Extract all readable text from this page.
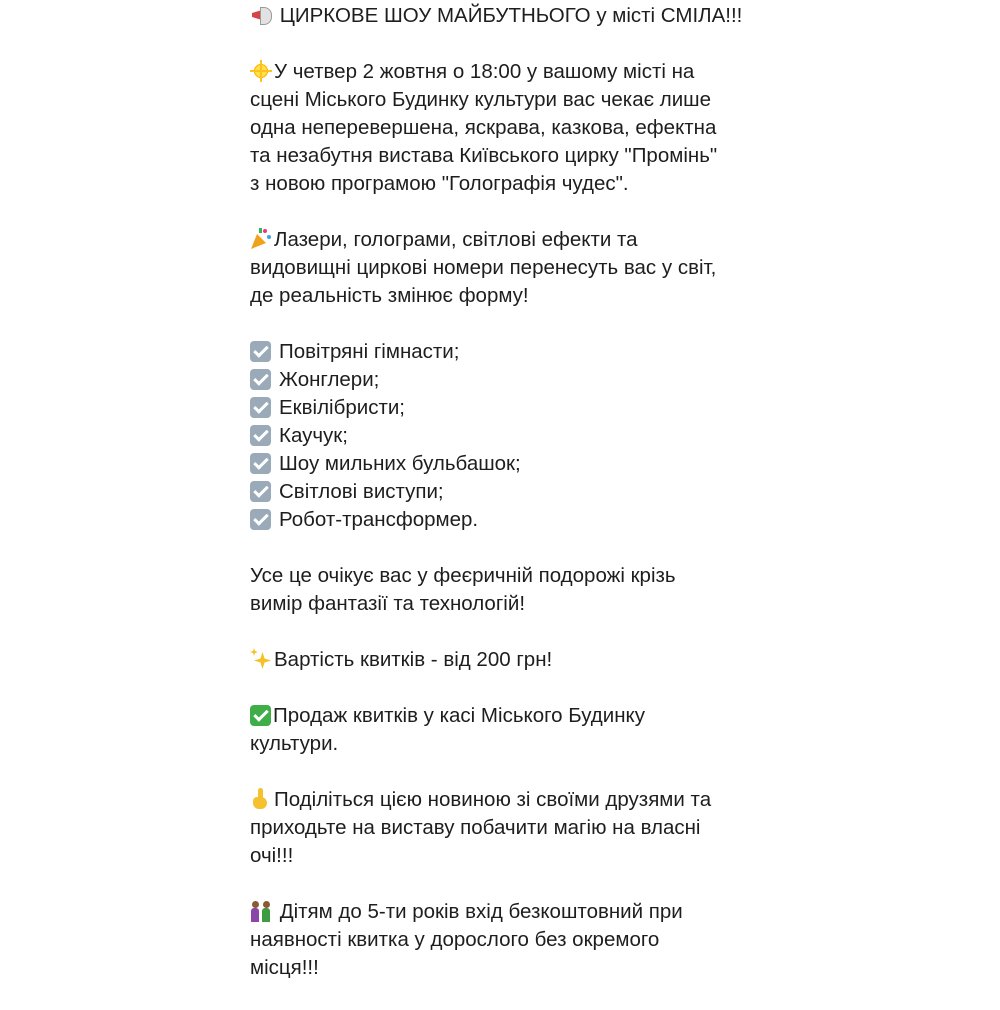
ЦИРКОВЕ ШОУ МАЙБУТНЬОГО у місті СМІЛА!!!

У четвер 2 жовтня о 18:00 у вашому місті на
сцені Міського Будинку культури вас чекає лише
одна неперевершена, яскрава, казкова, ефектна
та незабутня вистава Київського цирку "Промінь"
з новою програмою "Голографія чудес".

Лазери, голограми, світлові ефекти та
видовищні циркові номери перенесуть вас у світ,
де реальність змінює форму!

Повітряні гімнасти;
Жонглери;
Еквілібристи;
Каучук;
Шоу мильних бульбашок;
Світлові виступи;
Робот-трансформер.

Усе це очікує вас у феєричній подорожі крізь
вимір фантазії та технологій!

Вартість квитків - від 200 грн!

Продаж квитків у касі Міського Будинку
культури.

Поділіться цією новиною зі своїми друзями та
приходьте на виставу побачити магію на власні
очі!!!

Дітям до 5-ти років вхід безкоштовний при
наявності квитка у дорослого без окремого
місця!!!
